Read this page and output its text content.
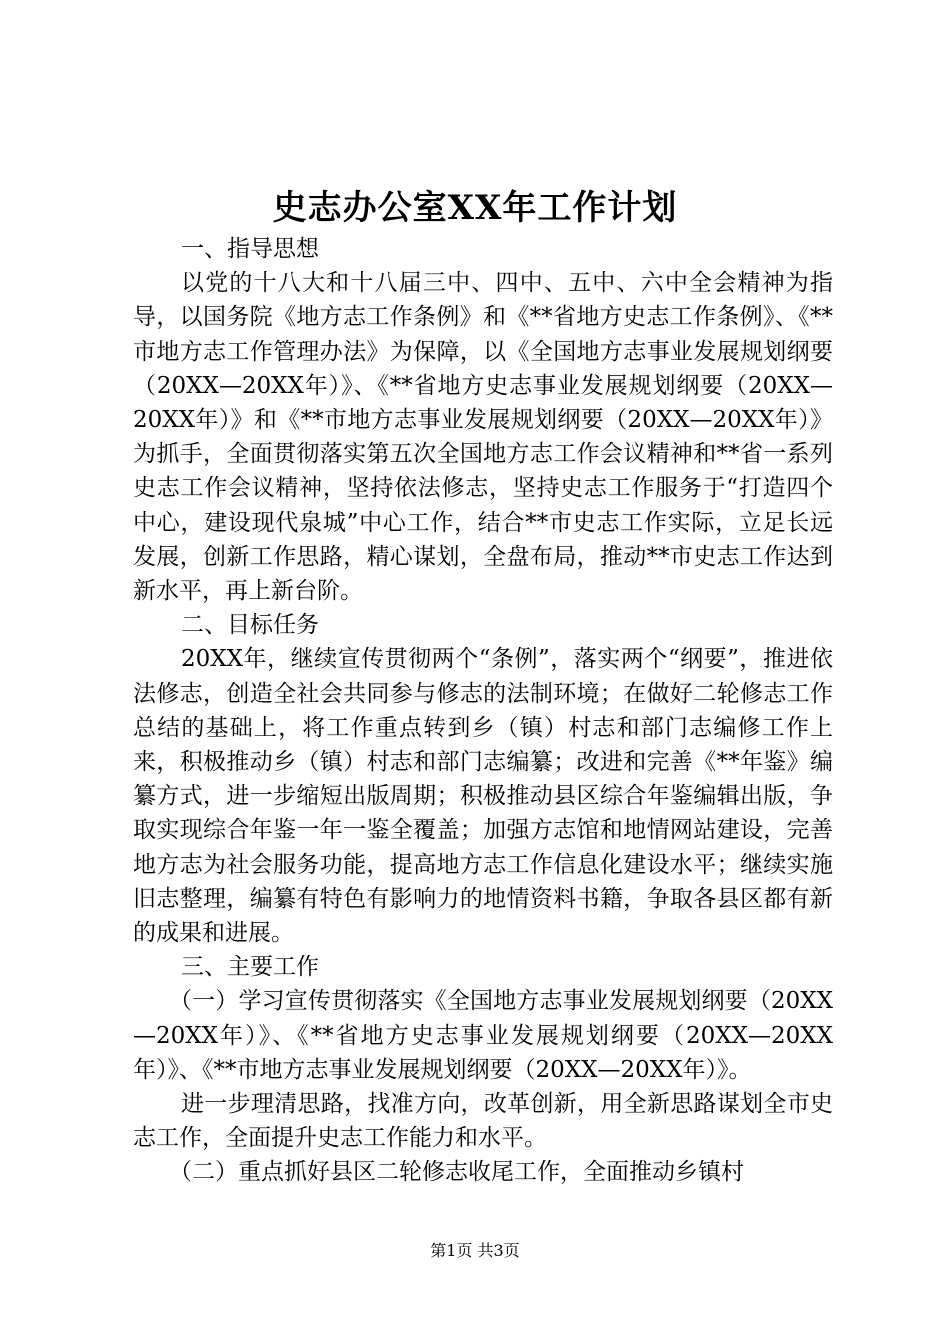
史志办公室XX年工作计划

一、指导思想

以党的十八大和十八届三中、四中、五中、六中全会精神为指导，以国务院《地方志工作条例》和《**省地方史志工作条例》、《**市地方志工作管理办法》为保障，以《全国地方志事业发展规划纲要（20XX—20XX年）》、《**省地方史志事业发展规划纲要（20XX—20XX年）》和《**市地方志事业发展规划纲要（20XX—20XX年）》为抓手，全面贯彻落实第五次全国地方志工作会议精神和**省一系列史志工作会议精神，坚持依法修志，坚持史志工作服务于“打造四个中心，建设现代泉城”中心工作，结合**市史志工作实际，立足长远发展，创新工作思路，精心谋划，全盘布局，推动**市史志工作达到新水平，再上新台阶。

二、目标任务

20XX年，继续宣传贯彻两个“条例”，落实两个“纲要”，推进依法修志，创造全社会共同参与修志的法制环境；在做好二轮修志工作总结的基础上，将工作重点转到乡（镇）村志和部门志编修工作上来，积极推动乡（镇）村志和部门志编纂；改进和完善《**年鉴》编纂方式，进一步缩短出版周期；积极推动县区综合年鉴编辑出版，争取实现综合年鉴一年一鉴全覆盖；加强方志馆和地情网站建设，完善地方志为社会服务功能，提高地方志工作信息化建设水平；继续实施旧志整理，编纂有特色有影响力的地情资料书籍，争取各县区都有新的成果和进展。

三、主要工作

（一）学习宣传贯彻落实《全国地方志事业发展规划纲要（20XX—20XX年）》、《**省地方史志事业发展规划纲要（20XX—20XX年）》、《**市地方志事业发展规划纲要（20XX—20XX年）》。

进一步理清思路，找准方向，改革创新，用全新思路谋划全市史志工作，全面提升史志工作能力和水平。

（二）重点抓好县区二轮修志收尾工作，全面推动乡镇村

第1页 共3页
